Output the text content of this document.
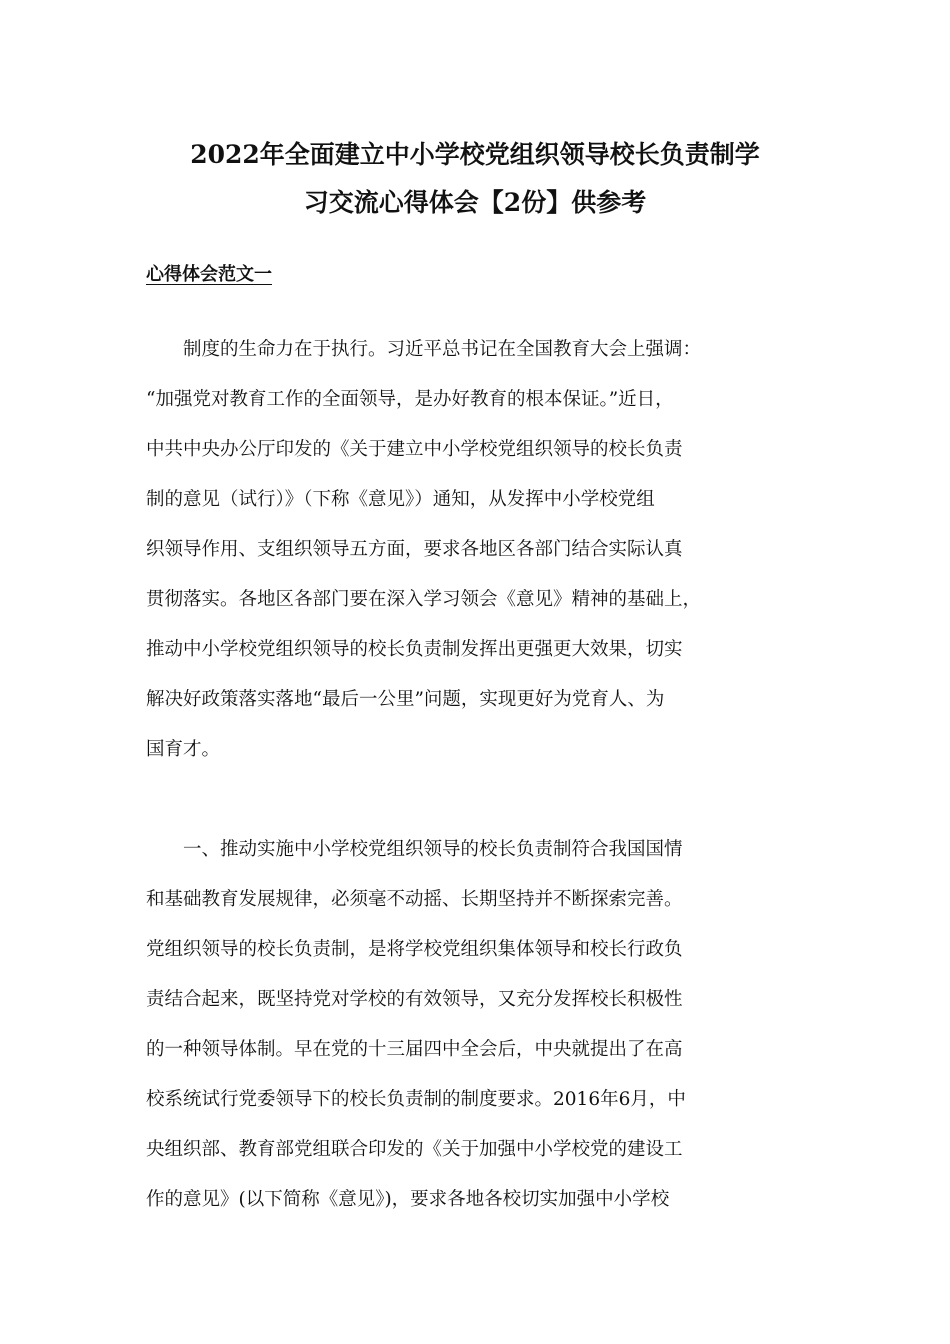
2022年全面建立中小学校党组织领导校长负责制学
习交流心得体会【2份】供参考
心得体会范文一
制度的生命力在于执行。习近平总书记在全国教育大会上强调：
“加强党对教育工作的全面领导，是办好教育的根本保证。”近日，
中共中央办公厅印发的《关于建立中小学校党组织领导的校长负责
制的意见（试行）》（下称《意见》）通知，从发挥中小学校党组
织领导作用、支组织领导五方面，要求各地区各部门结合实际认真
贯彻落实。各地区各部门要在深入学习领会《意见》精神的基础上，
推动中小学校党组织领导的校长负责制发挥出更强更大效果，切实
解决好政策落实落地“最后一公里”问题，实现更好为党育人、为
国育才。
一、推动实施中小学校党组织领导的校长负责制符合我国国情
和基础教育发展规律，必须毫不动摇、长期坚持并不断探索完善。
党组织领导的校长负责制，是将学校党组织集体领导和校长行政负
责结合起来，既坚持党对学校的有效领导，又充分发挥校长积极性
的一种领导体制。早在党的十三届四中全会后，中央就提出了在高
校系统试行党委领导下的校长负责制的制度要求。2016年6月，中
央组织部、教育部党组联合印发的《关于加强中小学校党的建设工
作的意见》(以下简称《意见》)，要求各地各校切实加强中小学校
